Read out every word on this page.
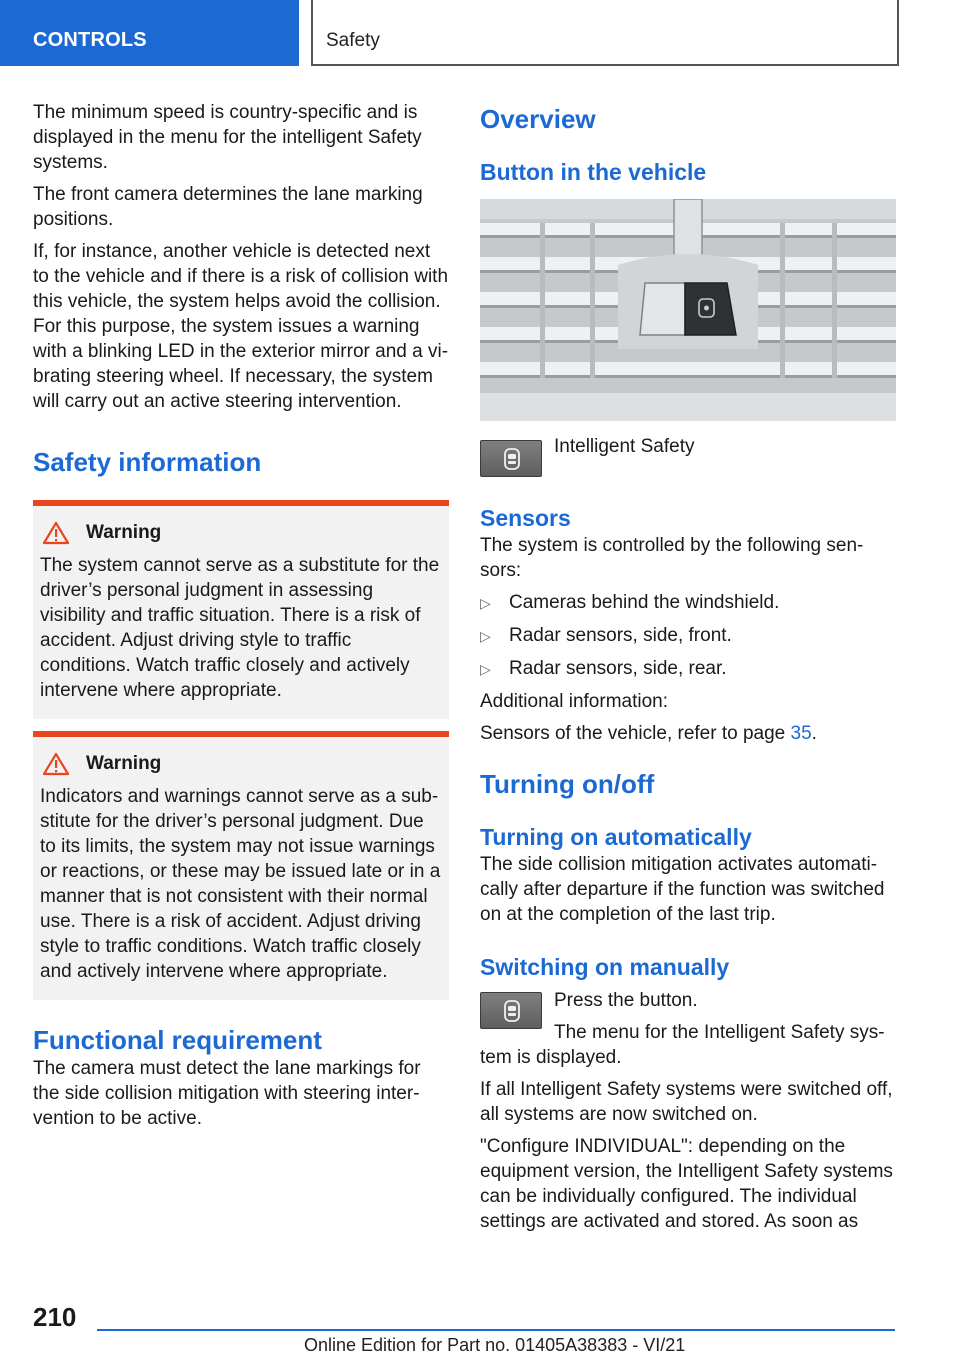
CONTROLS	Safety

The minimum speed is country-specific and is displayed in the menu for the intelligent Safety systems.

The front camera determines the lane marking positions.

If, for instance, another vehicle is detected next to the vehicle and if there is a risk of collision with this vehicle, the system helps avoid the collision. For this purpose, the system issues a warning with a blinking LED in the exterior mirror and a vibrating steering wheel. If necessary, the system will carry out an active steering intervention.

Safety information
Warning

The system cannot serve as a substitute for the driver’s personal judgment in assessing visibility and traffic situation. There is a risk of accident. Adjust driving style to traffic conditions. Watch traffic closely and actively intervene where appropriate.

Warning

Indicators and warnings cannot serve as a substitute for the driver’s personal judgment. Due to its limits, the system may not issue warnings or reactions, or these may be issued late or in a manner that is not consistent with their normal use. There is a risk of accident. Adjust driving style to traffic conditions. Watch traffic closely and actively intervene where appropriate.

Functional requirement

The camera must detect the lane markings for the side collision mitigation with steering intervention to be active.

Overview
Button in the vehicle
Intelligent Safety
Sensors

The system is controlled by the following sensors:

▷ Cameras behind the windshield.
▷ Radar sensors, side, front.
▷ Radar sensors, side, rear.

Additional information:

Sensors of the vehicle, refer to page 35.

Turning on/off
Turning on automatically

The side collision mitigation activates automatically after departure if the function was switched on at the completion of the last trip.

Switching on manually

Press the button.

The menu for the Intelligent Safety system is displayed.

If all Intelligent Safety systems were switched off, all systems are now switched on.

"Configure INDIVIDUAL": depending on the equipment version, the Intelligent Safety systems can be individually configured. The individual settings are activated and stored. As soon as

210
Online Edition for Part no. 01405A38383 - VI/21
